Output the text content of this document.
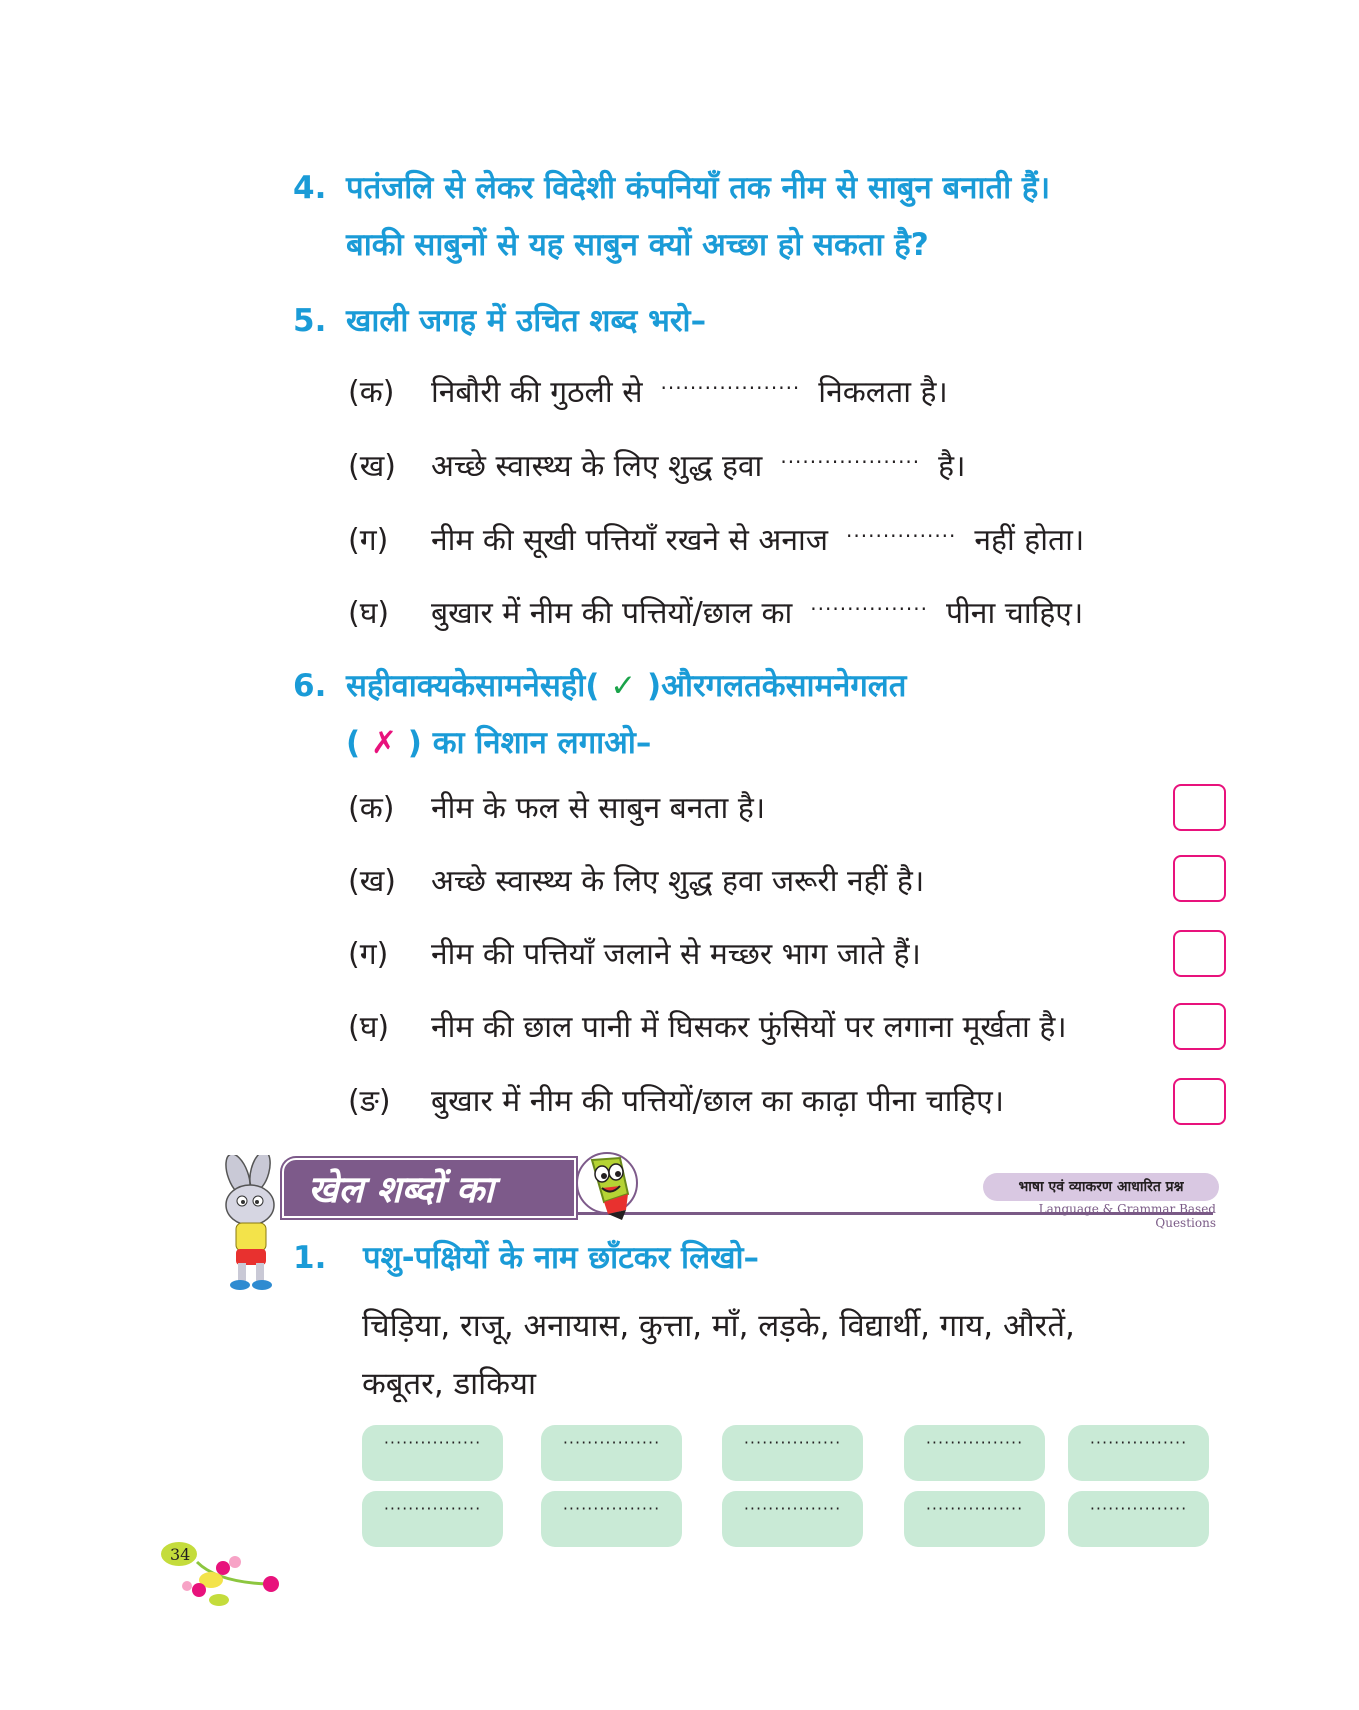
4. पतंजलि से लेकर विदेशी कंपनियाँ तक नीम से साबुन बनाती हैं।
बाकी साबुनों से यह साबुन क्यों अच्छा हो सकता है?
5. खाली जगह में उचित शब्द भरो–
(क) निबौरी की गुठली से ··················· निकलता है।
(ख) अच्छे स्वास्थ्य के लिए शुद्ध हवा ··················· है।
(ग) नीम की सूखी पत्तियाँ रखने से अनाज ··············· नहीं होता।
(घ) बुखार में नीम की पत्तियों/छाल का ················ पीना चाहिए।
6. सहीवाक्यकेसामनेसही( ✓ )औरगलतकेसामनेगलत
( ✗ ) का निशान लगाओ–
(क) नीम के फल से साबुन बनता है।
(ख) अच्छे स्वास्थ्य के लिए शुद्ध हवा जरूरी नहीं है।
(ग) नीम की पत्तियाँ जलाने से मच्छर भाग जाते हैं।
(घ) नीम की छाल पानी में घिसकर फुंसियों पर लगाना मूर्खता है।
(ङ) बुखार में नीम की पत्तियों/छाल का काढ़ा पीना चाहिए।
खेल शब्दों का	भाषा एवं व्याकरण आधारित प्रश्न
Language & Grammar Based Questions
1. पशु-पक्षियों के नाम छाँटकर लिखो–
चिड़िया, राजू, अनायास, कुत्ता, माँ, लड़के, विद्यार्थी, गाय, औरतें,
कबूतर, डाकिया
················	················	················	················	················
················	················	················	················	················
34
